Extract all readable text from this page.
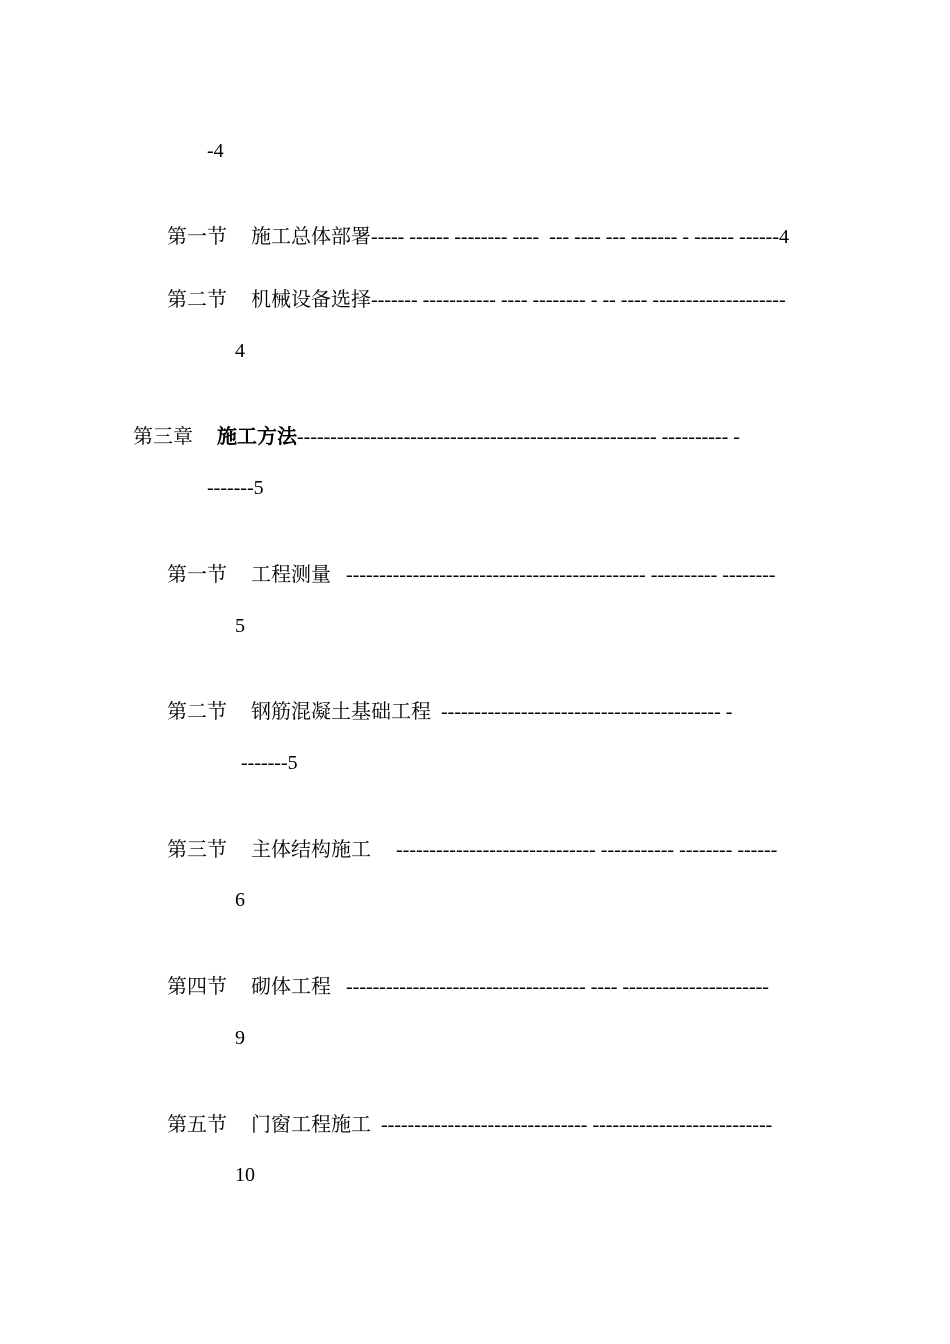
-4

第一节 施工总体部署----- ------ -------- ----  --- ---- --- ------- - ------ ------4

第二节 机械设备选择------- ----------- ---- -------- - -- ---- --------------------

4

第三章 施工方法------------------------------------------------------ ---------- -

-------5

第一节 工程测量   --------------------------------------------- ---------- --------

5

第二节 钢筋混凝土基础工程  ------------------------------------------ -

-------5

第三节 主体结构施工     ------------------------------ ----------- -------- ------

6

第四节 砌体工程   ------------------------------------ ---- ----------------------

9

第五节 门窗工程施工  ------------------------------- ---------------------------

10
